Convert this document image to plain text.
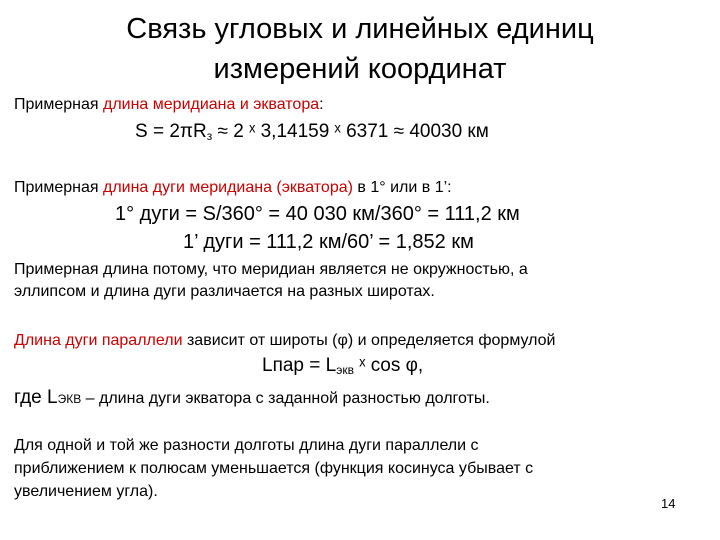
Связь угловых и линейных единиц
измерений координат
Примерная длина меридиана и экватора:
$S = 2\pi R_з \approx 2$ ˣ 3,14159 ˣ 6371 ≈ 40030 км
Примерная длина дуги меридиана (экватора) в 1° или в 1’:
1° дуги = S/360° = 40 030 км/360° = 111,2 км
1’ дуги = 111,2 км/60’ = 1,852 км
Примерная длина потому, что меридиан является не окружностью, а
эллипсом и длина дуги различается на разных широтах.
Длина дуги параллели зависит от широты (φ) и определяется формулой
Lпар = $L_{экв}$ ˣ cos φ,
где LЭКВ – длина дуги экватора с заданной разностью долготы.
Для одной и той же разности долготы длина дуги параллели с
приближением к полюсам уменьшается (функция косинуса убывает с
увеличением угла).
14
